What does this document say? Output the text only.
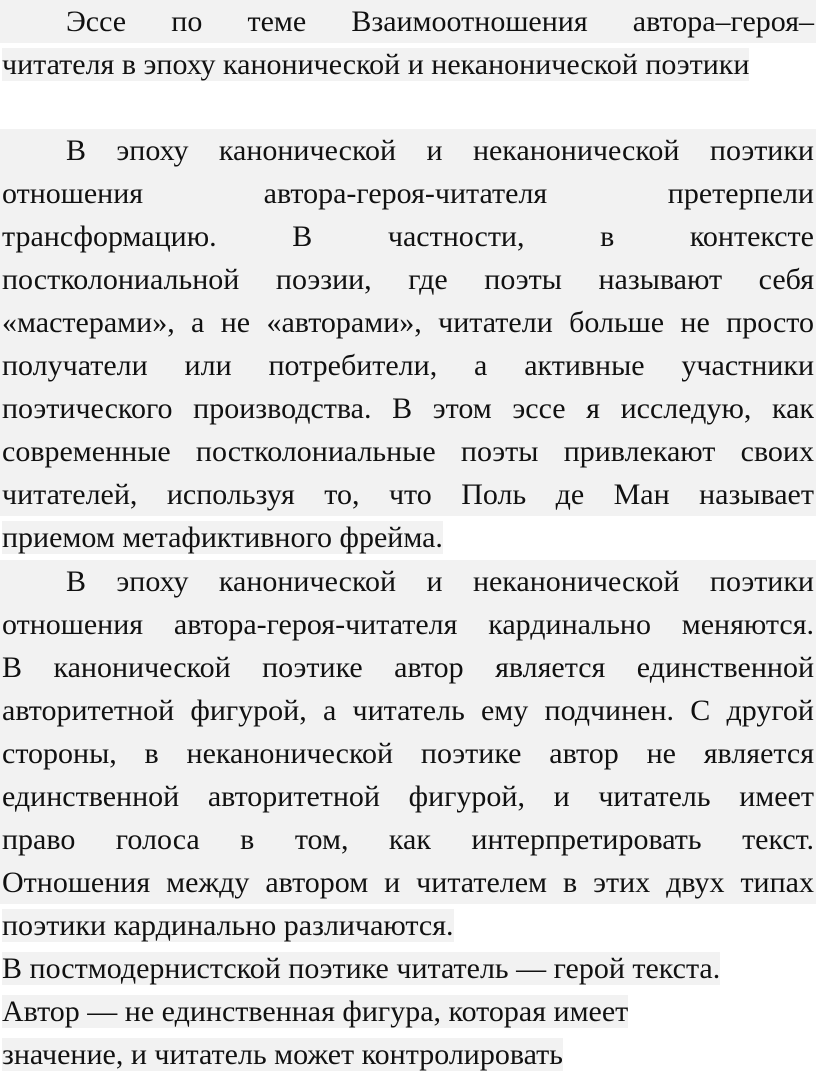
Эссе по теме Взаимоотношения автора–героя–
читателя в эпоху канонической и неканонической поэтики
В эпоху канонической и неканонической поэтики
отношения автора-героя-читателя претерпели
трансформацию. В частности, в контексте
постколониальной поэзии, где поэты называют себя
«мастерами», а не «авторами», читатели больше не просто
получатели или потребители, а активные участники
поэтического производства. В этом эссе я исследую, как
современные постколониальные поэты привлекают своих
читателей, используя то, что Поль де Ман называет
приемом метафиктивного фрейма.
В эпоху канонической и неканонической поэтики
отношения автора-героя-читателя кардинально меняются.
В канонической поэтике автор является единственной
авторитетной фигурой, а читатель ему подчинен. С другой
стороны, в неканонической поэтике автор не является
единственной авторитетной фигурой, и читатель имеет
право голоса в том, как интерпретировать текст.
Отношения между автором и читателем в этих двух типах
поэтики кардинально различаются.
В постмодернистской поэтике читатель — герой текста.
Автор — не единственная фигура, которая имеет
значение, и читатель может контролировать
